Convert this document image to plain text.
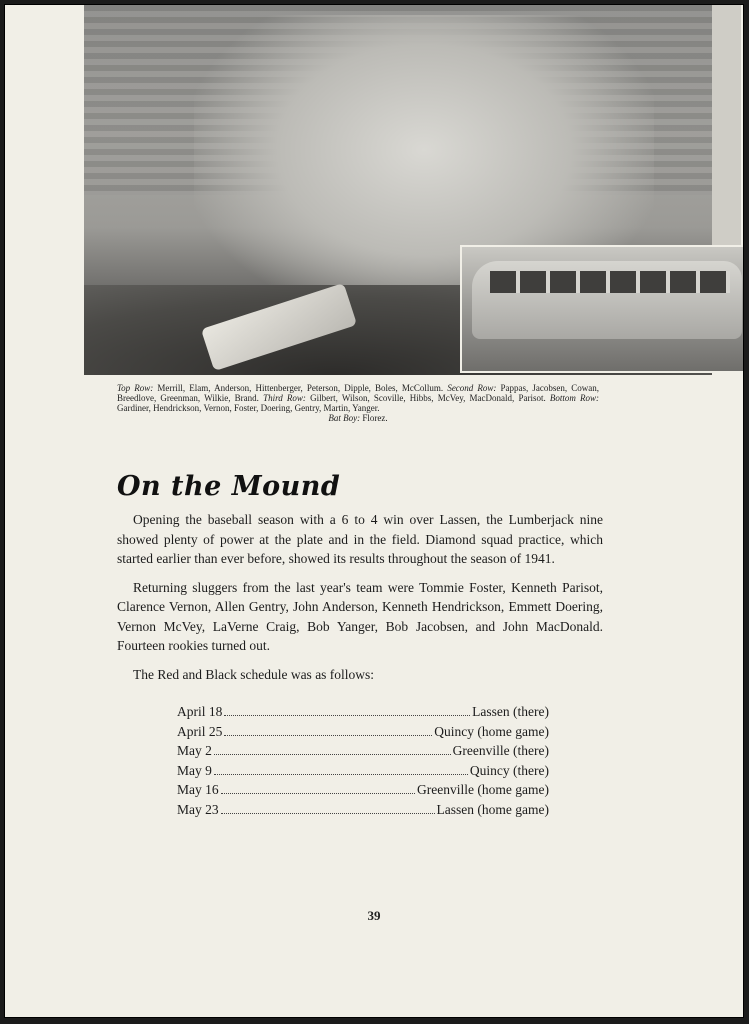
Top Row: Merrill, Elam, Anderson, Hittenberger, Peterson, Dipple, Boles, McCollum. Second Row: Pappas, Jacobsen, Cowan, Breedlove, Greenman, Wilkie, Brand. Third Row: Gilbert, Wilson, Scoville, Hibbs, McVey, MacDonald, Parisot. Bottom Row: Gardiner, Hendrickson, Vernon, Foster, Doering, Gentry, Martin, Yanger.
Bat Boy: Florez.
On the Mound

Opening the baseball season with a 6 to 4 win over Lassen, the Lumberjack nine showed plenty of power at the plate and in the field. Diamond squad practice, which started earlier than ever before, showed its results throughout the season of 1941.

Returning sluggers from the last year's team were Tommie Foster, Kenneth Parisot, Clarence Vernon, Allen Gentry, John Anderson, Kenneth Hendrickson, Emmett Doering, Vernon McVey, LaVerne Craig, Bob Yanger, Bob Jacobsen, and John MacDonald. Fourteen rookies turned out.

The Red and Black schedule was as follows:

April 18	Lassen (there)
April 25	Quincy (home game)
May 2	Greenville (there)
May 9	Quincy (there)
May 16	Greenville (home game)
May 23	Lassen (home game)
39
